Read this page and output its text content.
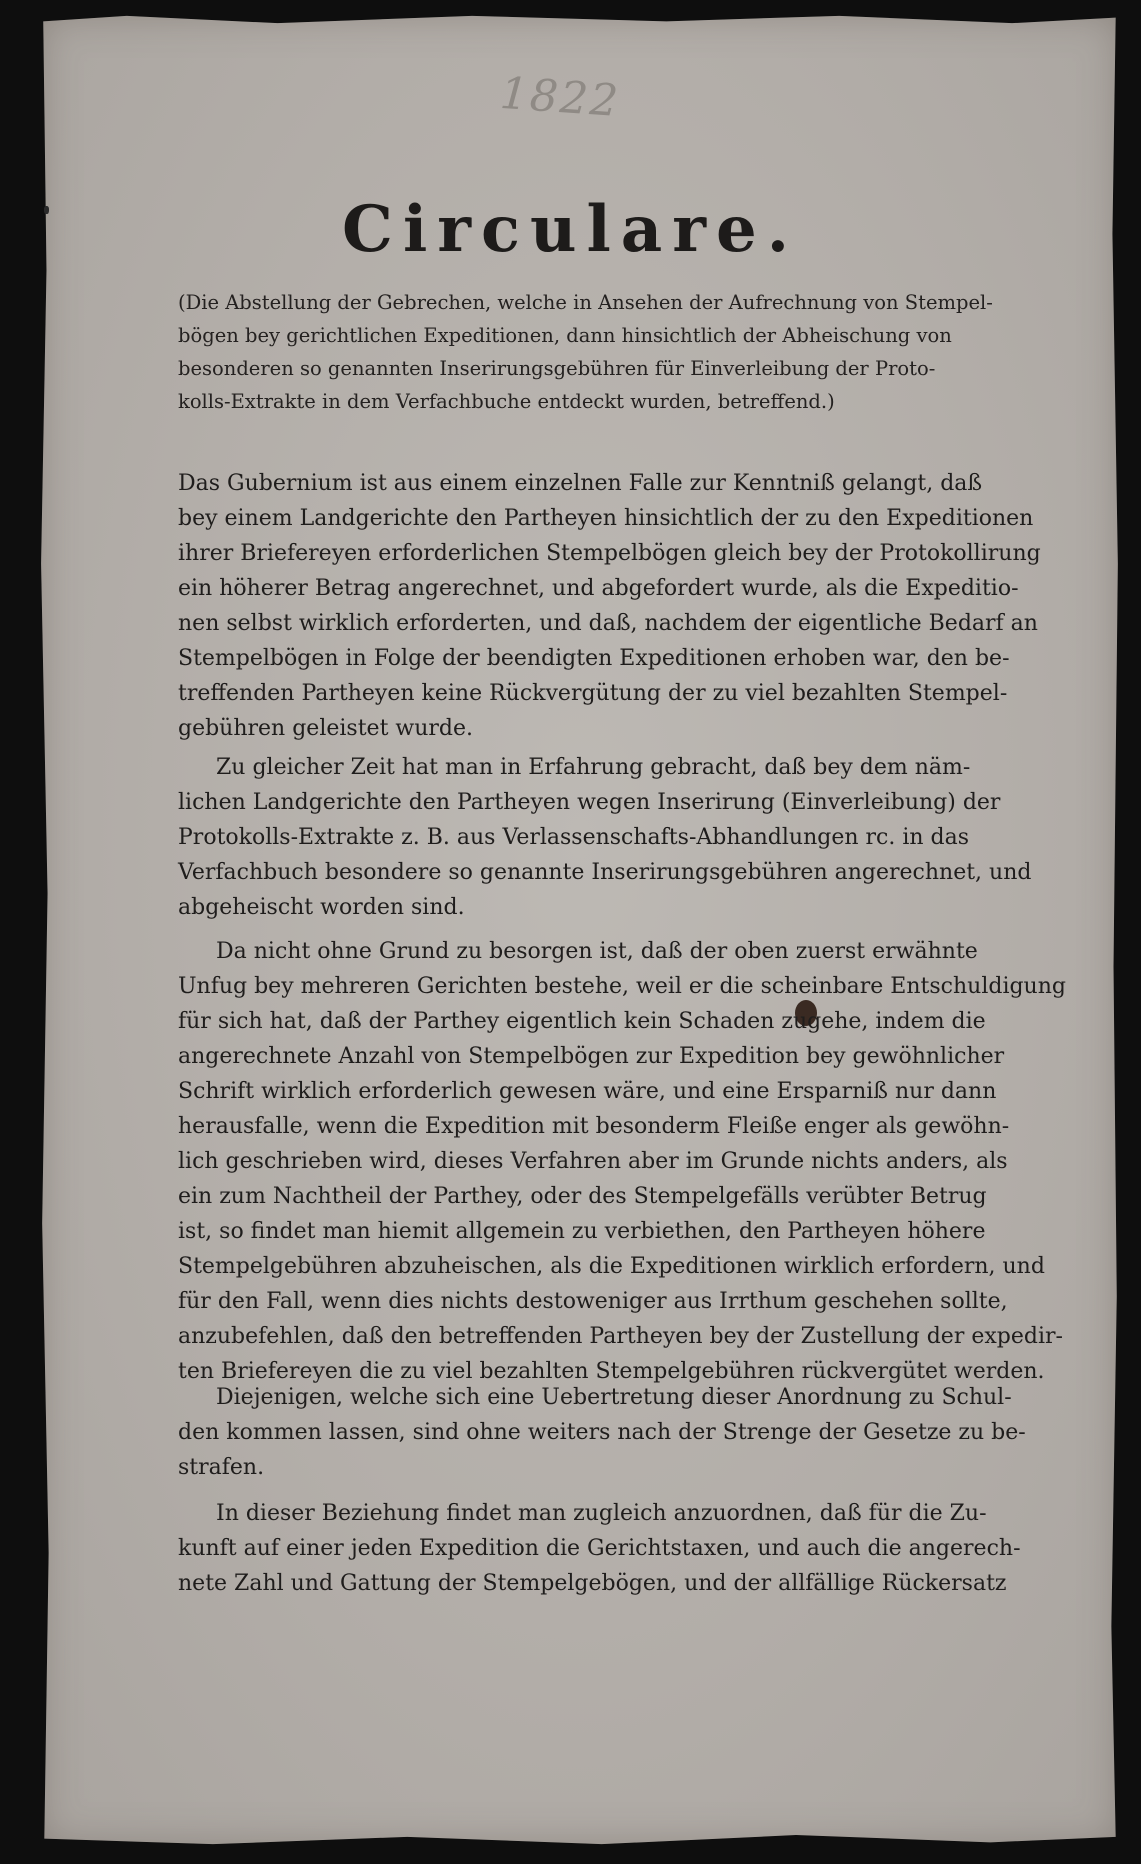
1822
Circulare.
(Die Abstellung der Gebrechen, welche in Ansehen der Aufrechnung von Stempel-
bögen bey gerichtlichen Expeditionen, dann hinsichtlich der Abheischung von
besonderen so genannten Inserirungsgebühren für Einverleibung der Proto-
kolls-Extrakte in dem Verfachbuche entdeckt wurden, betreffend.)
Das Gubernium ist aus einem einzelnen Falle zur Kenntniß gelangt, daß
bey einem Landgerichte den Partheyen hinsichtlich der zu den Expeditionen
ihrer Briefereyen erforderlichen Stempelbögen gleich bey der Protokollirung
ein höherer Betrag angerechnet, und abgefordert wurde, als die Expeditio-
nen selbst wirklich erforderten, und daß, nachdem der eigentliche Bedarf an
Stempelbögen in Folge der beendigten Expeditionen erhoben war, den be-
treffenden Partheyen keine Rückvergütung der zu viel bezahlten Stempel-
gebühren geleistet wurde.
Zu gleicher Zeit hat man in Erfahrung gebracht, daß bey dem näm-
lichen Landgerichte den Partheyen wegen Inserirung (Einverleibung) der
Protokolls-Extrakte z. B. aus Verlassenschafts-Abhandlungen rc. in das
Verfachbuch besondere so genannte Inserirungsgebühren angerechnet, und
abgeheischt worden sind.
Da nicht ohne Grund zu besorgen ist, daß der oben zuerst erwähnte
Unfug bey mehreren Gerichten bestehe, weil er die scheinbare Entschuldigung
für sich hat, daß der Parthey eigentlich kein Schaden zugehe, indem die
angerechnete Anzahl von Stempelbögen zur Expedition bey gewöhnlicher
Schrift wirklich erforderlich gewesen wäre, und eine Ersparniß nur dann
herausfalle, wenn die Expedition mit besonderm Fleiße enger als gewöhn-
lich geschrieben wird, dieses Verfahren aber im Grunde nichts anders, als
ein zum Nachtheil der Parthey, oder des Stempelgefälls verübter Betrug
ist, so findet man hiemit allgemein zu verbiethen, den Partheyen höhere
Stempelgebühren abzuheischen, als die Expeditionen wirklich erfordern, und
für den Fall, wenn dies nichts destoweniger aus Irrthum geschehen sollte,
anzubefehlen, daß den betreffenden Partheyen bey der Zustellung der expedir-
ten Briefereyen die zu viel bezahlten Stempelgebühren rückvergütet werden.
Diejenigen, welche sich eine Uebertretung dieser Anordnung zu Schul-
den kommen lassen, sind ohne weiters nach der Strenge der Gesetze zu be-
strafen.
In dieser Beziehung findet man zugleich anzuordnen, daß für die Zu-
kunft auf einer jeden Expedition die Gerichtstaxen, und auch die angerech-
nete Zahl und Gattung der Stempelgebögen, und der allfällige Rückersatz
